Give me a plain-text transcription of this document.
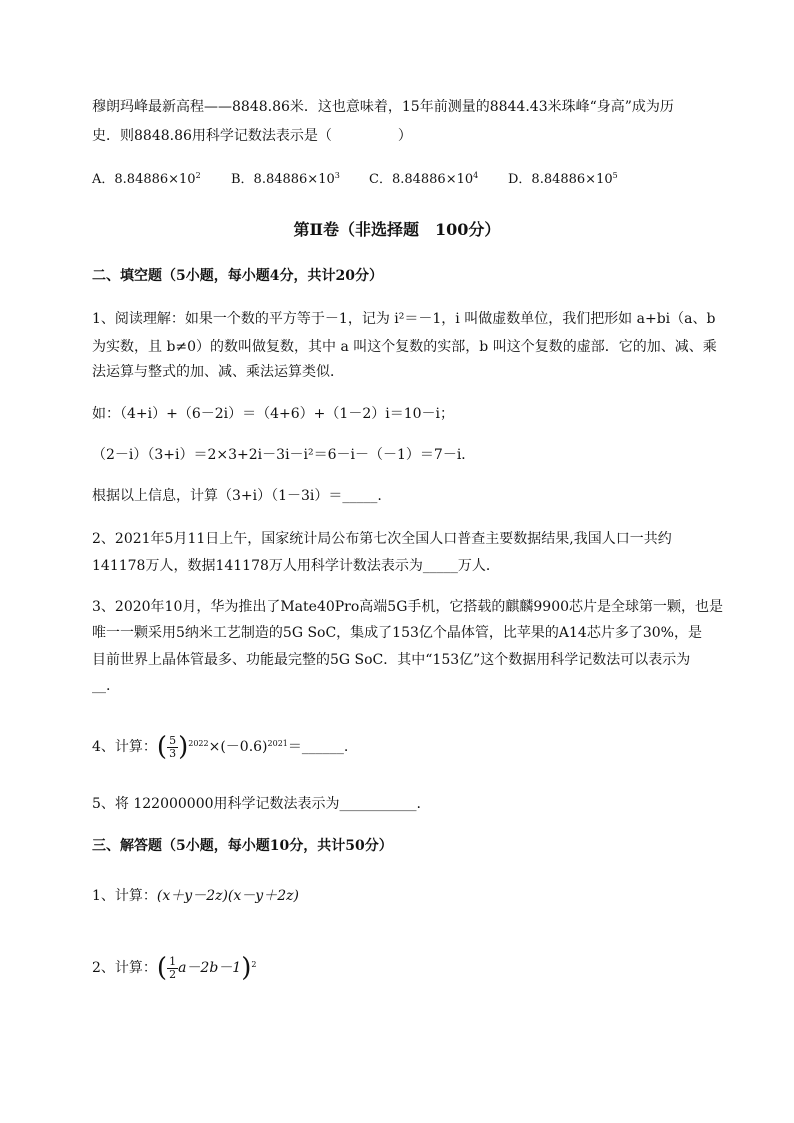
穆朗玛峰最新高程——8848.86米．这也意味着，15年前测量的8844.43米珠峰“身高”成为历
史．则8848.86用科学记数法表示是（	）
A．$8.84886\times 10^2$ B．$8.84886\times 10^3$ C．$8.84886\times 10^4$ D．$8.84886\times 10^5$
第Ⅱ卷（非选择题　100分）
二、填空题（5小题，每小题4分，共计20分）
1、阅读理解：如果一个数的平方等于－1，记为 i²＝－1，i 叫做虚数单位，我们把形如 a+bi（a、b
为实数，且 b≠0）的数叫做复数，其中 a 叫这个复数的实部，b 叫这个复数的虚部．它的加、减、乘
法运算与整式的加、减、乘法运算类似．
如：（4+i）+（6－2i）＝（4+6）+（1－2）i＝10－i；
（2－i）（3+i）＝2×3+2i－3i－i²＝6－i－（－1）＝7－i．
根据以上信息，计算（3+i）（1－3i）＝_____.
2、2021年5月11日上午，国家统计局公布第七次全国人口普查主要数据结果,我国人口一共约
141178万人，数据141178万人用科学计数法表示为_____万人．
3、2020年10月，华为推出了Mate40Pro高端5G手机，它搭载的麒麟9900芯片是全球第一颗，也是
唯一一颗采用5纳米工艺制造的5G SoC，集成了153亿个晶体管，比苹果的A14芯片多了30%，是
目前世界上晶体管最多、功能最完整的5G SoC．其中“153亿”这个数据用科学记数法可以表示为
__.
4、计算：( $\frac{5}{3}$ )$^{2022}\times(-0.6)^{2021}=\_\_\_\_\_\_$.
5、将 122000000用科学记数法表示为___________.
三、解答题（5小题，每小题10分，共计50分）
1、计算：(x＋y－2z)(x－y＋2z)
2、计算：( $\frac{1}{2} a-2b-1)^2$
